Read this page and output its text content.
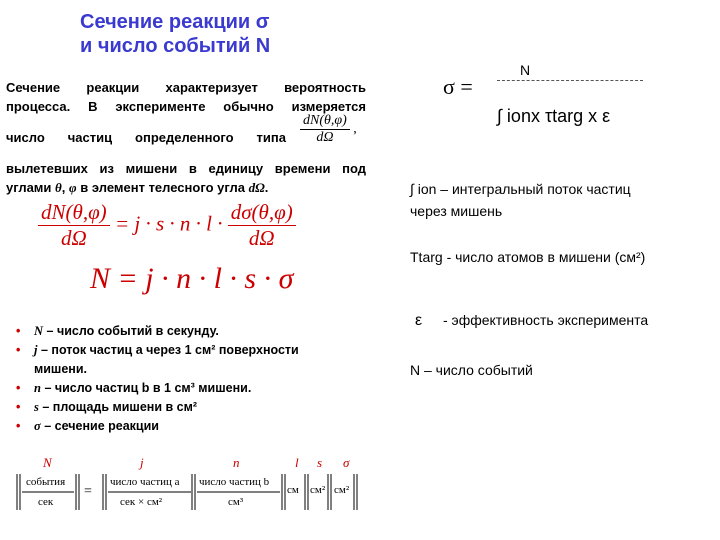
Сечение реакции σ
и число событий N
Сечение реакции характеризует вероятность
процесса. В эксперименте обычно измеряется
число частиц определенного типа $\frac{dN(\theta,\varphi)}{d\Omega}$ ,
вылетевших из мишени в единицу времени под
углами θ, φ в элемент телесного угла dΩ.
$\frac{dN(\theta,\varphi)}{d\Omega} = j \cdot s \cdot n \cdot l \cdot \frac{d\sigma(\theta,\varphi)}{d\Omega}$
N = j · n · l · s · σ
• N – число событий в секунду.
• j – поток частиц а через 1 см² поверхности
мишени.
• n – число частиц b в 1 см³ мишени.
• s – площадь мишени в см²
• σ – сечение реакции
N	j	n	l s σ
события
сек
=
число частиц a
сек × см²
число частиц b
см³
см см² см²
σ =
N
∫ ionx τtarg x ε
∫ ion – интегральный поток частиц
через мишень
Ttarg - число атомов в мишени (см²)
ε - эффективность эксперимента
N – число событий
